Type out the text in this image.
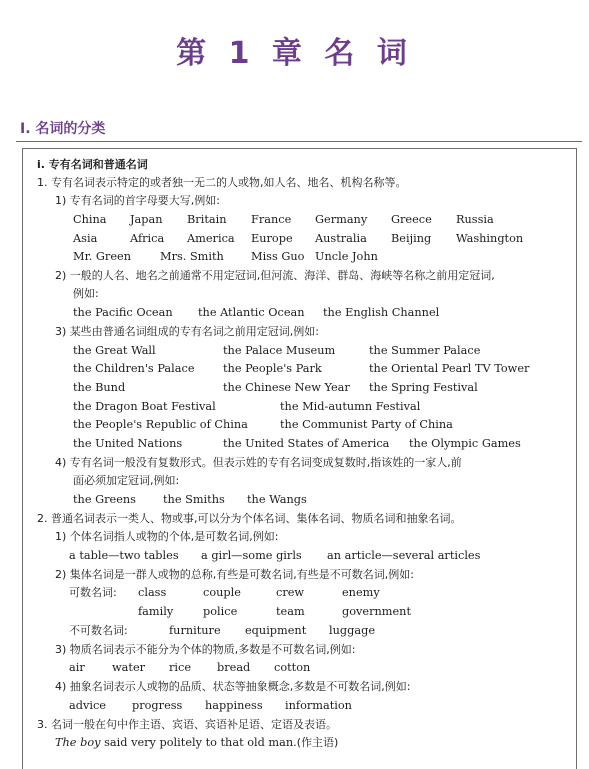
第 1 章 名 词
Ⅰ. 名词的分类
ⅰ. 专有名词和普通名词
1. 专有名词表示特定的或者独一无二的人或物,如人名、地名、机构名称等。
1) 专有名词的首字母要大写,例如:
China Japan Britain France Germany Greece Russia
Asia	Africa America Europe Australia Beijing Washington
Mr. Green	Mrs. Smith Miss Guo Uncle John
2) 一般的人名、地名之前通常不用定冠词,但河流、海洋、群岛、海峡等名称之前用定冠词,
例如:
the Pacific Ocean the Atlantic Ocean the English Channel
3) 某些由普通名词组成的专有名词之前用定冠词,例如:
the Great Wall	the Palace Museum	the Summer Palace
the Children's Palace	the People's Park	the Oriental Pearl TV Tower
the Bund	the Chinese New Year the Spring Festival
the Dragon Boat Festival	the Mid-autumn Festival
the People's Republic of China	the Communist Party of China
the United Nations	the United States of America the Olympic Games
4) 专有名词一般没有复数形式。但表示姓的专有名词变成复数时,指该姓的一家人,前
面必须加定冠词,例如:
the Greens the Smiths the Wangs
2. 普通名词表示一类人、物或事,可以分为个体名词、集体名词、物质名词和抽象名词。
1) 个体名词指人或物的个体,是可数名词,例如:
a table—two tables a girl—some girls an article—several articles
2) 集体名词是一群人或物的总称,有些是可数名词,有些是不可数名词,例如:
可数名词: class	couple	crew	enemy
family	police	team	government
不可数名词:	furniture equipment luggage
3) 物质名词表示不能分为个体的物质,多数是不可数名词,例如:
air water rice bread cotton
4) 抽象名词表示人或物的品质、状态等抽象概念,多数是不可数名词,例如:
advice progress happiness information
3. 名词一般在句中作主语、宾语、宾语补足语、定语及表语。
The boy said very politely to that old man.(作主语)
